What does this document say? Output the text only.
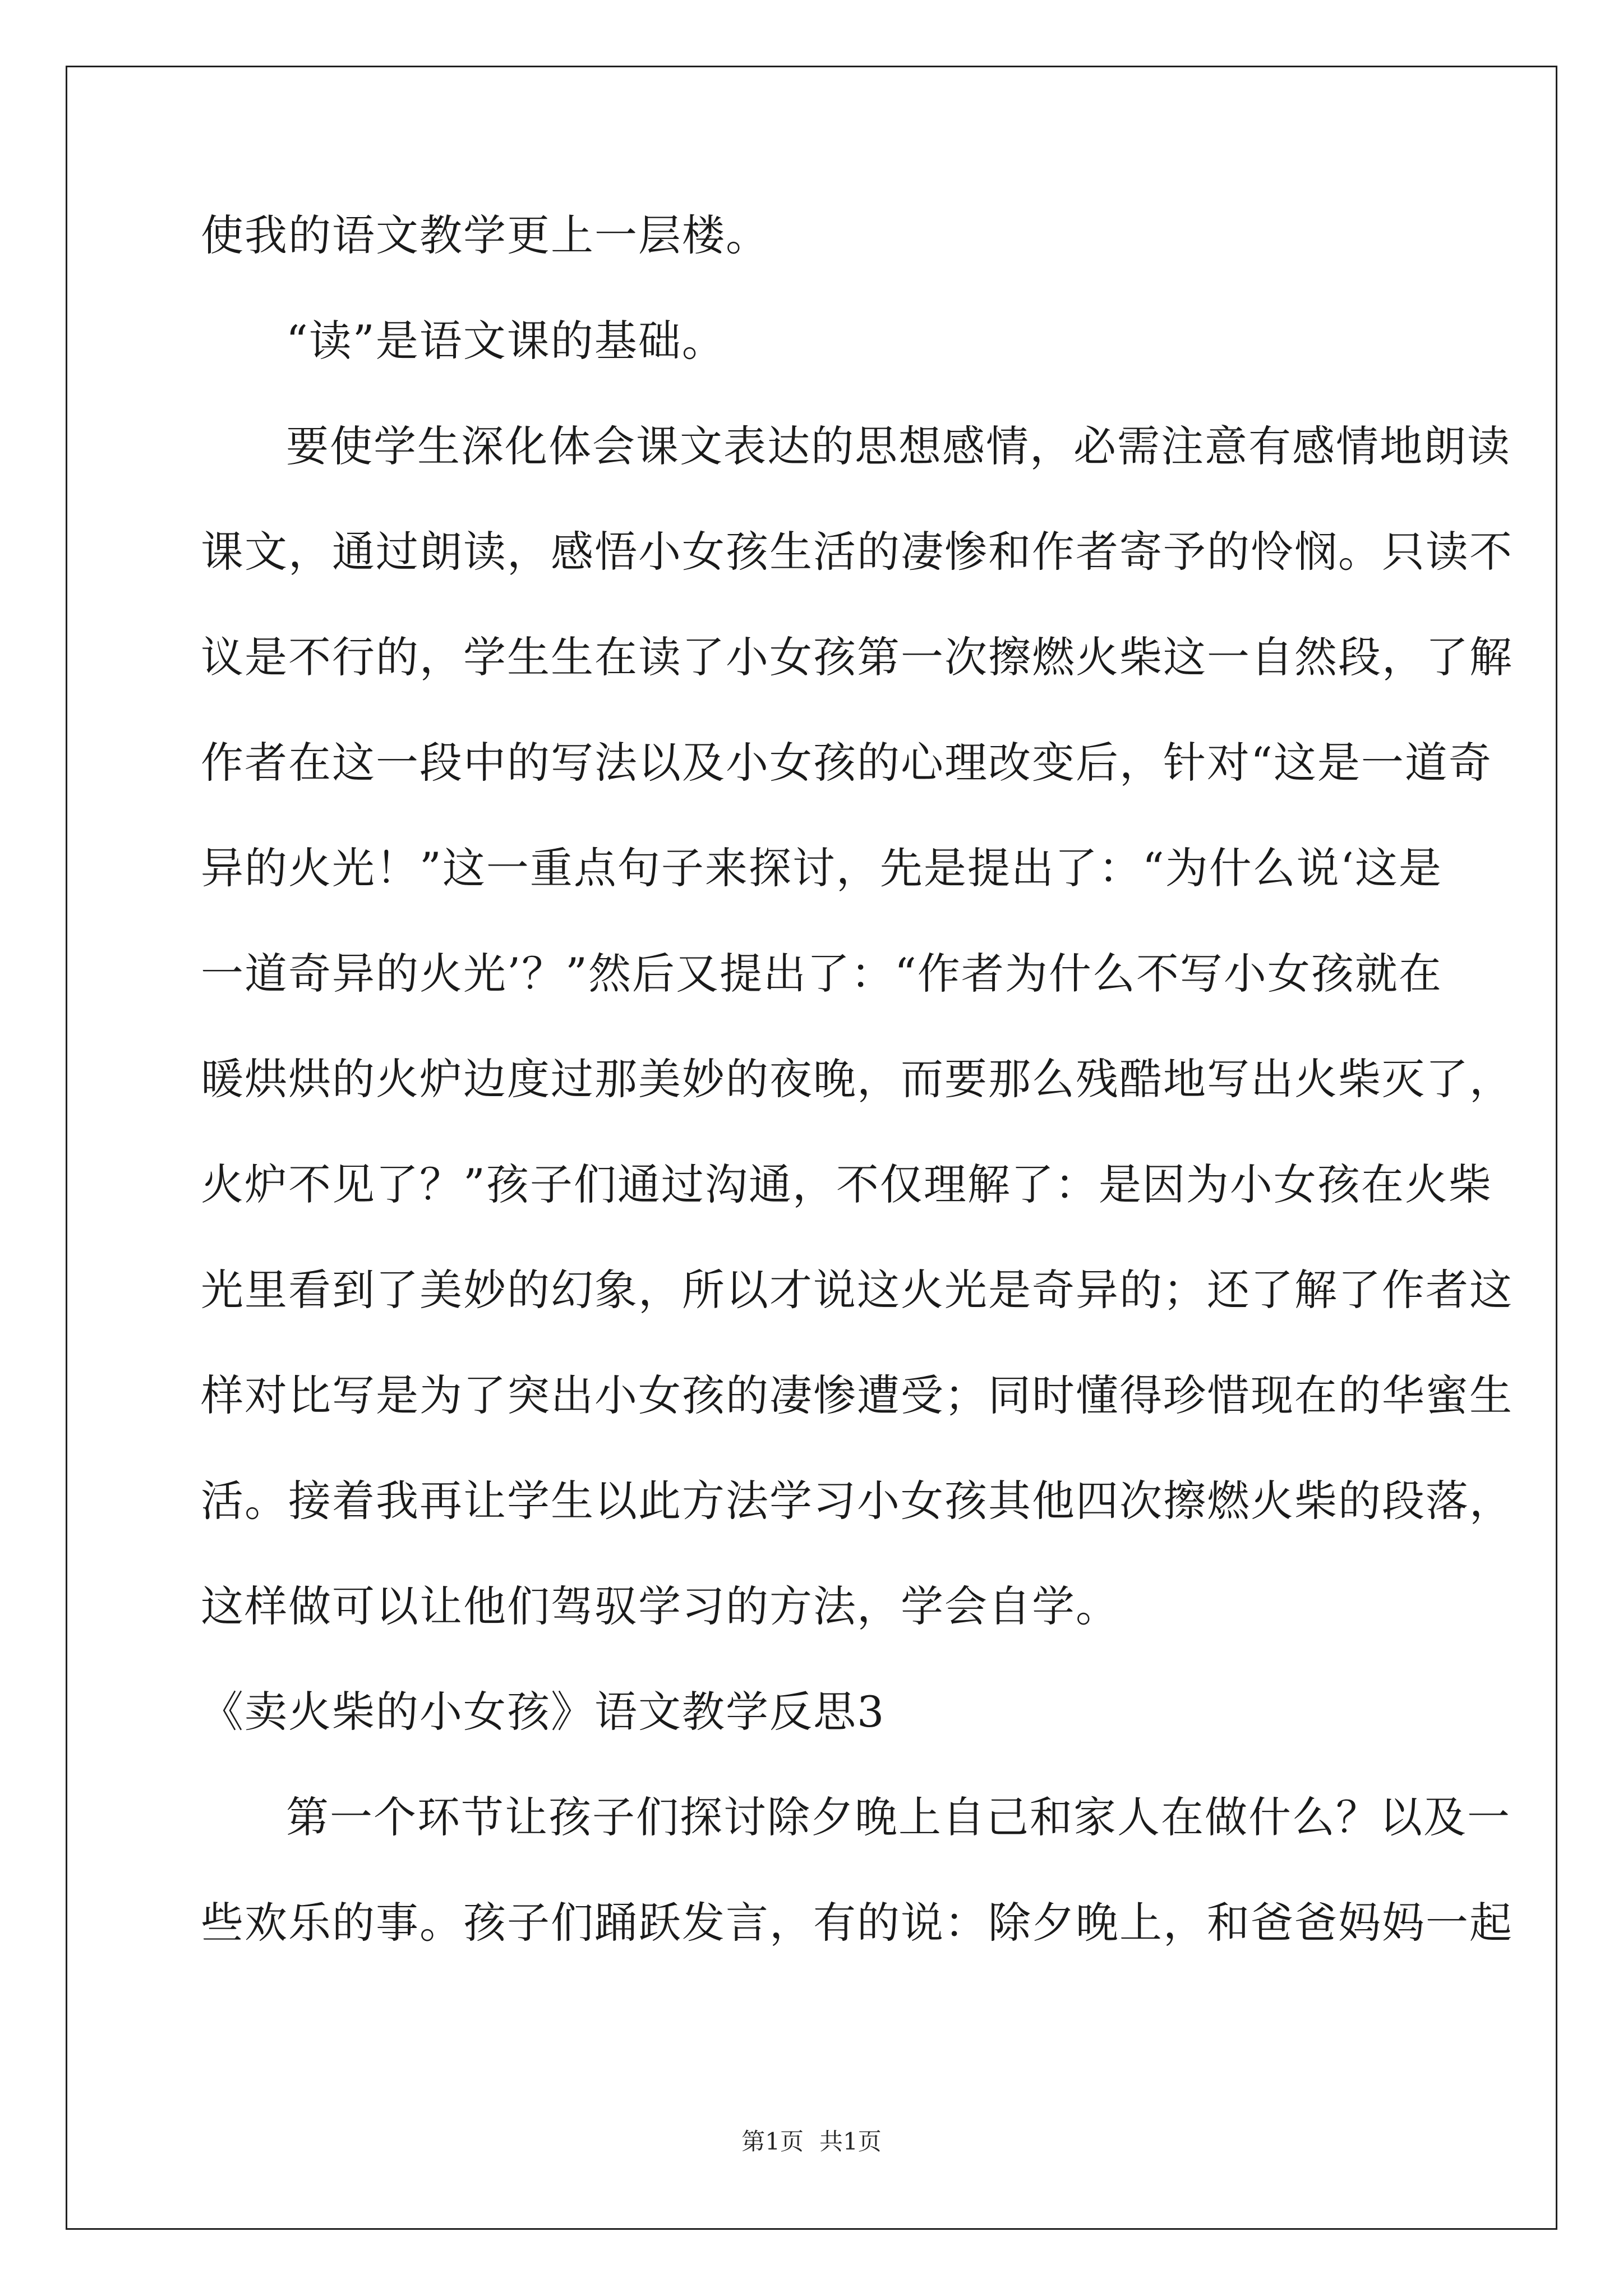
使我的语文教学更上一层楼。
“读”是语文课的基础。
要使学生深化体会课文表达的思想感情，必需注意有感情地朗读
课文，通过朗读，感悟小女孩生活的凄惨和作者寄予的怜悯。只读不
议是不行的，学生生在读了小女孩第一次擦燃火柴这一自然段，了解
作者在这一段中的写法以及小女孩的心理改变后，针对“这是一道奇
异的火光！”这一重点句子来探讨，先是提出了：“为什么说‘这是
一道奇异的火光’？”然后又提出了：“作者为什么不写小女孩就在
暖烘烘的火炉边度过那美妙的夜晚，而要那么残酷地写出火柴灭了，
火炉不见了？”孩子们通过沟通，不仅理解了：是因为小女孩在火柴
光里看到了美妙的幻象，所以才说这火光是奇异的；还了解了作者这
样对比写是为了突出小女孩的凄惨遭受；同时懂得珍惜现在的华蜜生
活。接着我再让学生以此方法学习小女孩其他四次擦燃火柴的段落，
这样做可以让他们驾驭学习的方法，学会自学。
《卖火柴的小女孩》语文教学反思3
第一个环节让孩子们探讨除夕晚上自己和家人在做什么？以及一
些欢乐的事。孩子们踊跃发言，有的说：除夕晚上，和爸爸妈妈一起
第1页 共1页
